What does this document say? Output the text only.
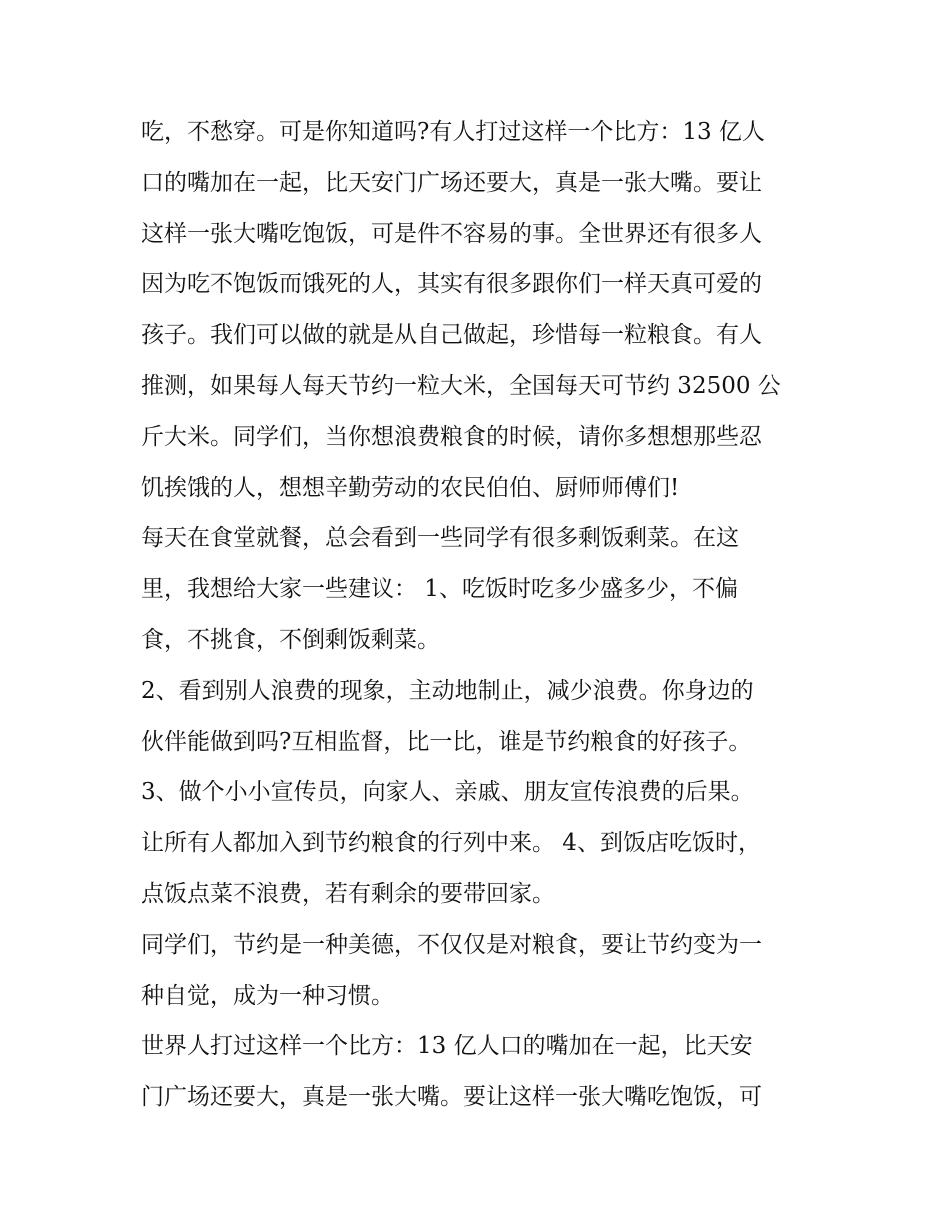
吃，不愁穿。可是你知道吗?有人打过这样一个比方：13 亿人
口的嘴加在一起，比天安门广场还要大，真是一张大嘴。要让
这样一张大嘴吃饱饭，可是件不容易的事。全世界还有很多人
因为吃不饱饭而饿死的人，其实有很多跟你们一样天真可爱的
孩子。我们可以做的就是从自己做起，珍惜每一粒粮食。有人
推测，如果每人每天节约一粒大米，全国每天可节约 32500 公
斤大米。同学们，当你想浪费粮食的时候，请你多想想那些忍
饥挨饿的人，想想辛勤劳动的农民伯伯、厨师师傅们!
每天在食堂就餐，总会看到一些同学有很多剩饭剩菜。在这
里，我想给大家一些建议： 1、吃饭时吃多少盛多少，不偏
食，不挑食，不倒剩饭剩菜。
2、看到别人浪费的现象，主动地制止，减少浪费。你身边的
伙伴能做到吗?互相监督，比一比，谁是节约粮食的好孩子。
3、做个小小宣传员，向家人、亲戚、朋友宣传浪费的后果。
让所有人都加入到节约粮食的行列中来。 4、到饭店吃饭时，
点饭点菜不浪费，若有剩余的要带回家。
同学们，节约是一种美德，不仅仅是对粮食，要让节约变为一
种自觉，成为一种习惯。
世界人打过这样一个比方：13 亿人口的嘴加在一起，比天安
门广场还要大，真是一张大嘴。要让这样一张大嘴吃饱饭，可
